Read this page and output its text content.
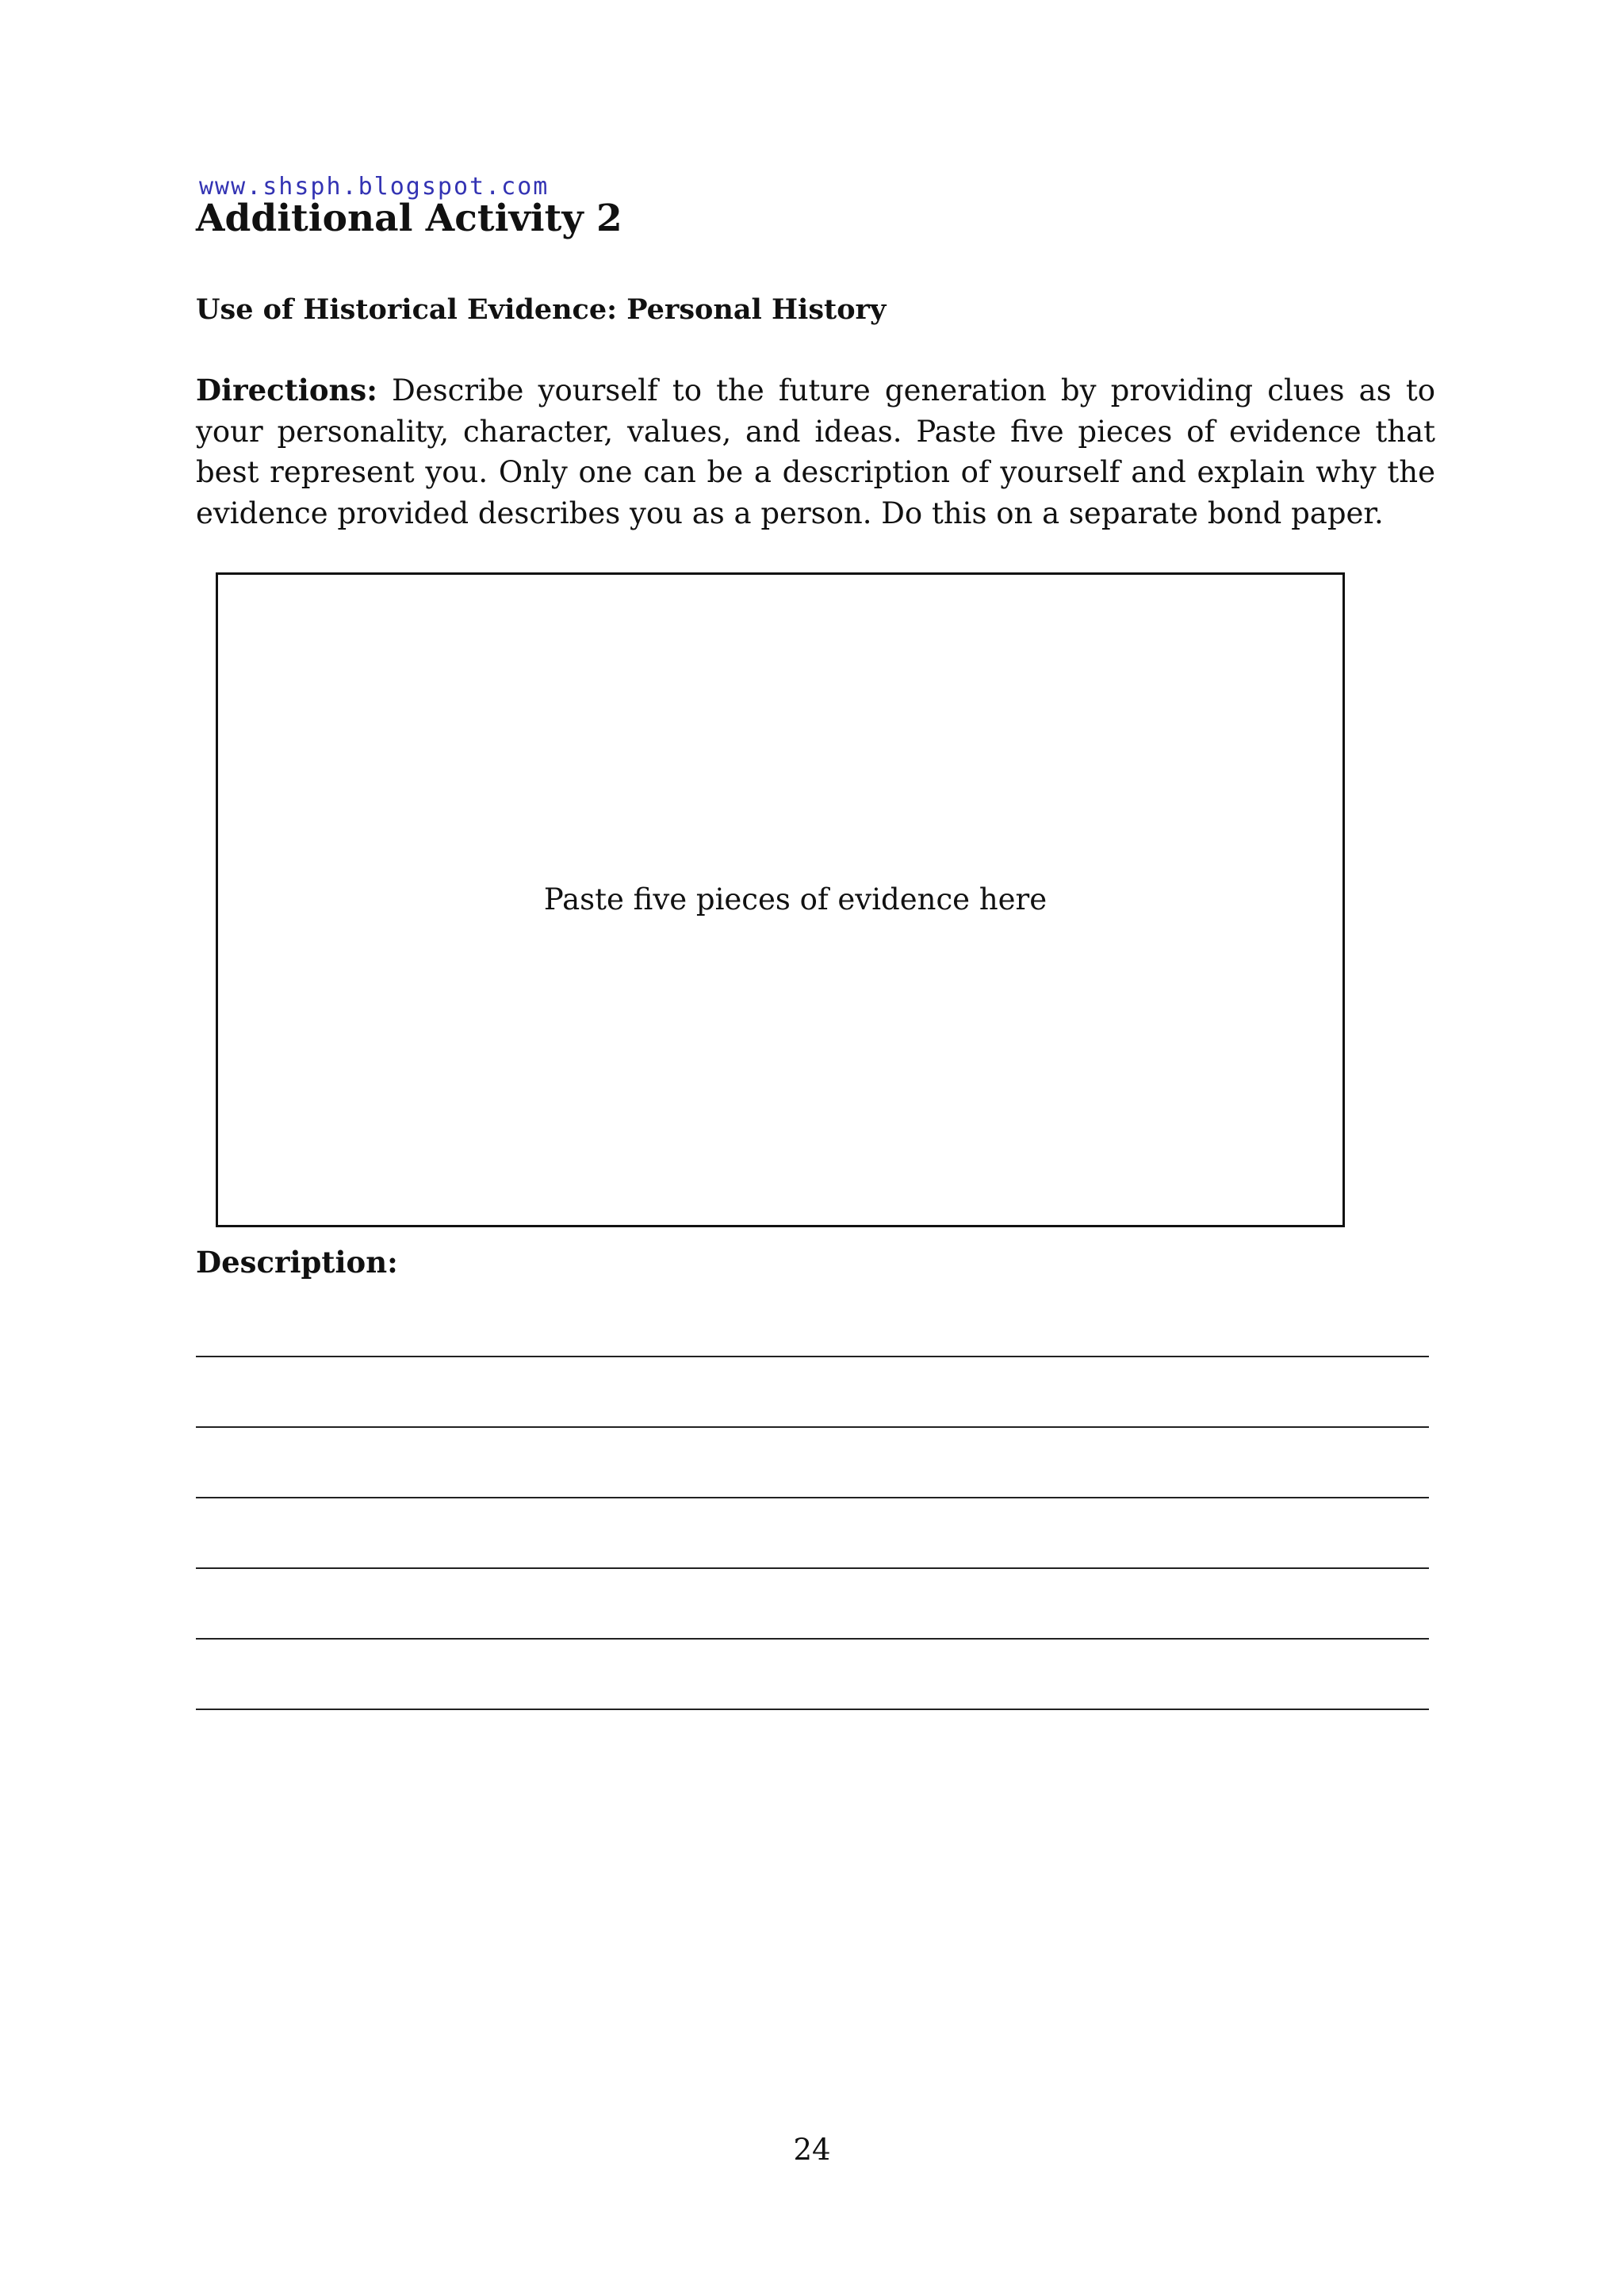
www.shsph.blogspot.com
Additional Activity 2
Use of Historical Evidence: Personal History

Directions: Describe yourself to the future generation by providing clues as to your personality, character, values, and ideas. Paste five pieces of evidence that best represent you. Only one can be a description of yourself and explain why the evidence provided describes you as a person. Do this on a separate bond paper.

Paste five pieces of evidence here
Description:
24
